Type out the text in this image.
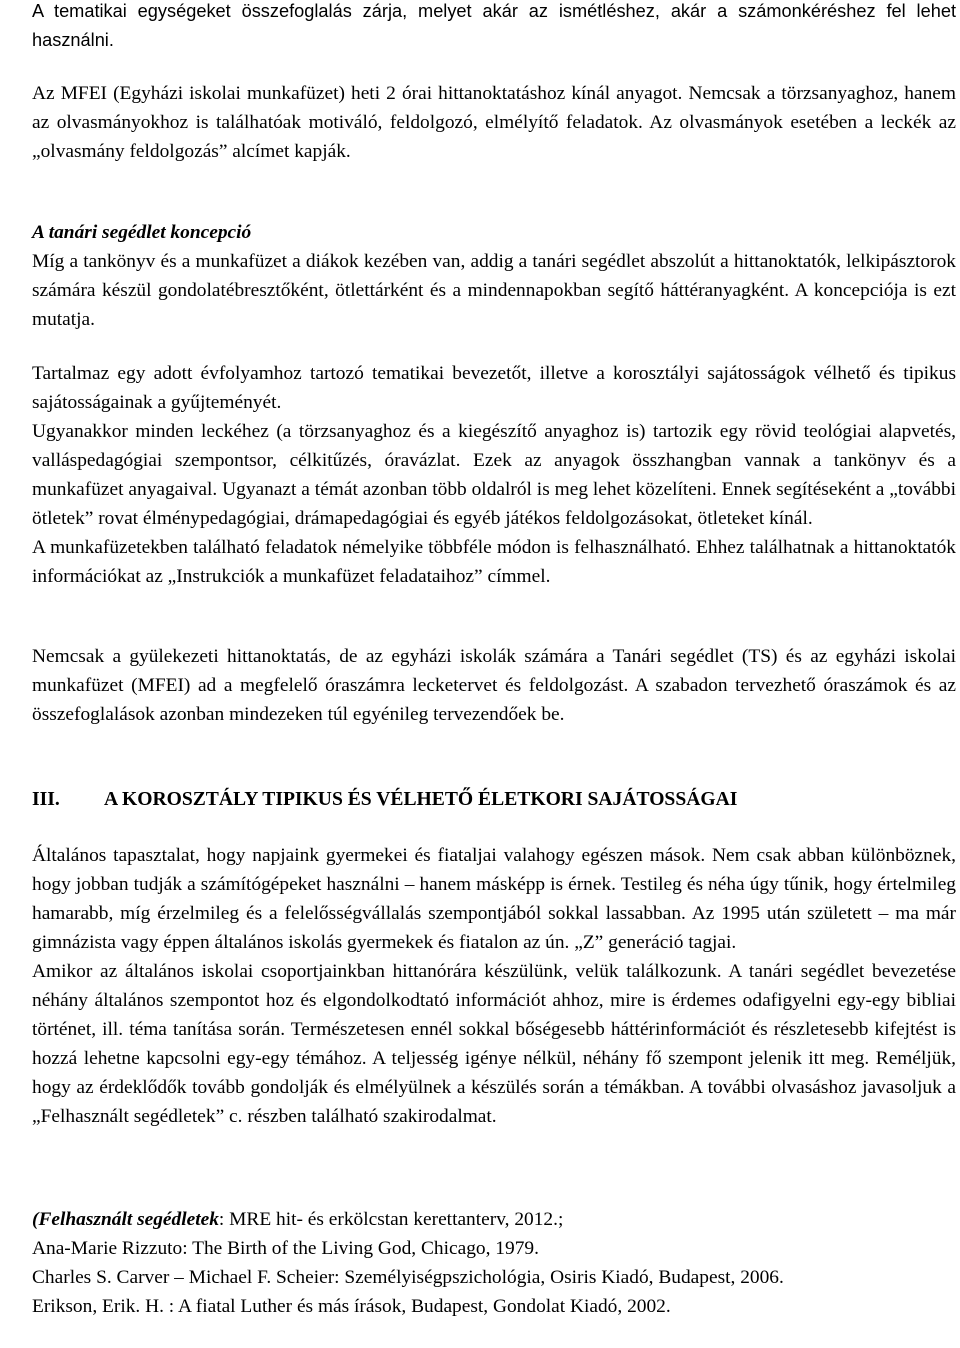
A tematikai egységeket összefoglalás zárja, melyet akár az ismétléshez, akár a számonkéréshez fel lehet használni.

Az MFEI (Egyházi iskolai munkafüzet) heti 2 órai hittanoktatáshoz kínál anyagot. Nemcsak a törzsanyaghoz, hanem az olvasmányokhoz is találhatóak motiváló, feldolgozó, elmélyítő feladatok. Az olvasmányok esetében a leckék az „olvasmány feldolgozás” alcímet kapják.

A tanári segédlet koncepció

Míg a tankönyv és a munkafüzet a diákok kezében van, addig a tanári segédlet abszolút a hittanoktatók, lelkipásztorok számára készül gondolatébresztőként, ötlettárként és a mindennapokban segítő háttéranyagként. A koncepciója is ezt mutatja.

Tartalmaz egy adott évfolyamhoz tartozó tematikai bevezetőt, illetve a korosztályi sajátosságok vélhető és tipikus sajátosságainak a gyűjteményét.

Ugyanakkor minden leckéhez (a törzsanyaghoz és a kiegészítő anyaghoz is) tartozik egy rövid teológiai alapvetés, valláspedagógiai szempontsor, célkitűzés, óravázlat. Ezek az anyagok összhangban vannak a tankönyv és a munkafüzet anyagaival. Ugyanazt a témát azonban több oldalról is meg lehet közelíteni. Ennek segítéseként a „további ötletek” rovat élménypedagógiai, drámapedagógiai és egyéb játékos feldolgozásokat, ötleteket kínál.

A munkafüzetekben található feladatok némelyike többféle módon is felhasználható. Ehhez találhatnak a hittanoktatók információkat az „Instrukciók a munkafüzet feladataihoz” címmel.

Nemcsak a gyülekezeti hittanoktatás, de az egyházi iskolák számára a Tanári segédlet (TS) és az egyházi iskolai munkafüzet (MFEI) ad a megfelelő óraszámra lecketervet és feldolgozást. A szabadon tervezhető óraszámok és az összefoglalások azonban mindezeken túl egyénileg tervezendőek be.

III. A KOROSZTÁLY TIPIKUS ÉS VÉLHETŐ ÉLETKORI SAJÁTOSSÁGAI

Általános tapasztalat, hogy napjaink gyermekei és fiataljai valahogy egészen mások. Nem csak abban különböznek, hogy jobban tudják a számítógépeket használni – hanem másképp is érnek. Testileg és néha úgy tűnik, hogy értelmileg hamarabb, míg érzelmileg és a felelősségvállalás szempontjából sokkal lassabban. Az 1995 után született – ma már gimnázista vagy éppen általános iskolás gyermekek és fiatalon az ún. „Z” generáció tagjai.

Amikor az általános iskolai csoportjainkban hittanórára készülünk, velük találkozunk. A tanári segédlet bevezetése néhány általános szempontot hoz és elgondolkodtató információt ahhoz, mire is érdemes odafigyelni egy-egy bibliai történet, ill. téma tanítása során. Természetesen ennél sokkal bőségesebb háttérinformációt és részletesebb kifejtést is hozzá lehetne kapcsolni egy-egy témához. A teljesség igénye nélkül, néhány fő szempont jelenik itt meg. Reméljük, hogy az érdeklődők tovább gondolják és elmélyülnek a készülés során a témákban. A további olvasáshoz javasoljuk a „Felhasznált segédletek” c. részben található szakirodalmat.

(Felhasznált segédletek: MRE hit- és erkölcstan kerettanterv, 2012.;

Ana-Marie Rizzuto: The Birth of the Living God, Chicago, 1979.

Charles S. Carver – Michael F. Scheier: Személyiségpszichológia, Osiris Kiadó, Budapest, 2006.

Erikson, Erik. H. : A fiatal Luther és más írások, Budapest, Gondolat Kiadó, 2002.
